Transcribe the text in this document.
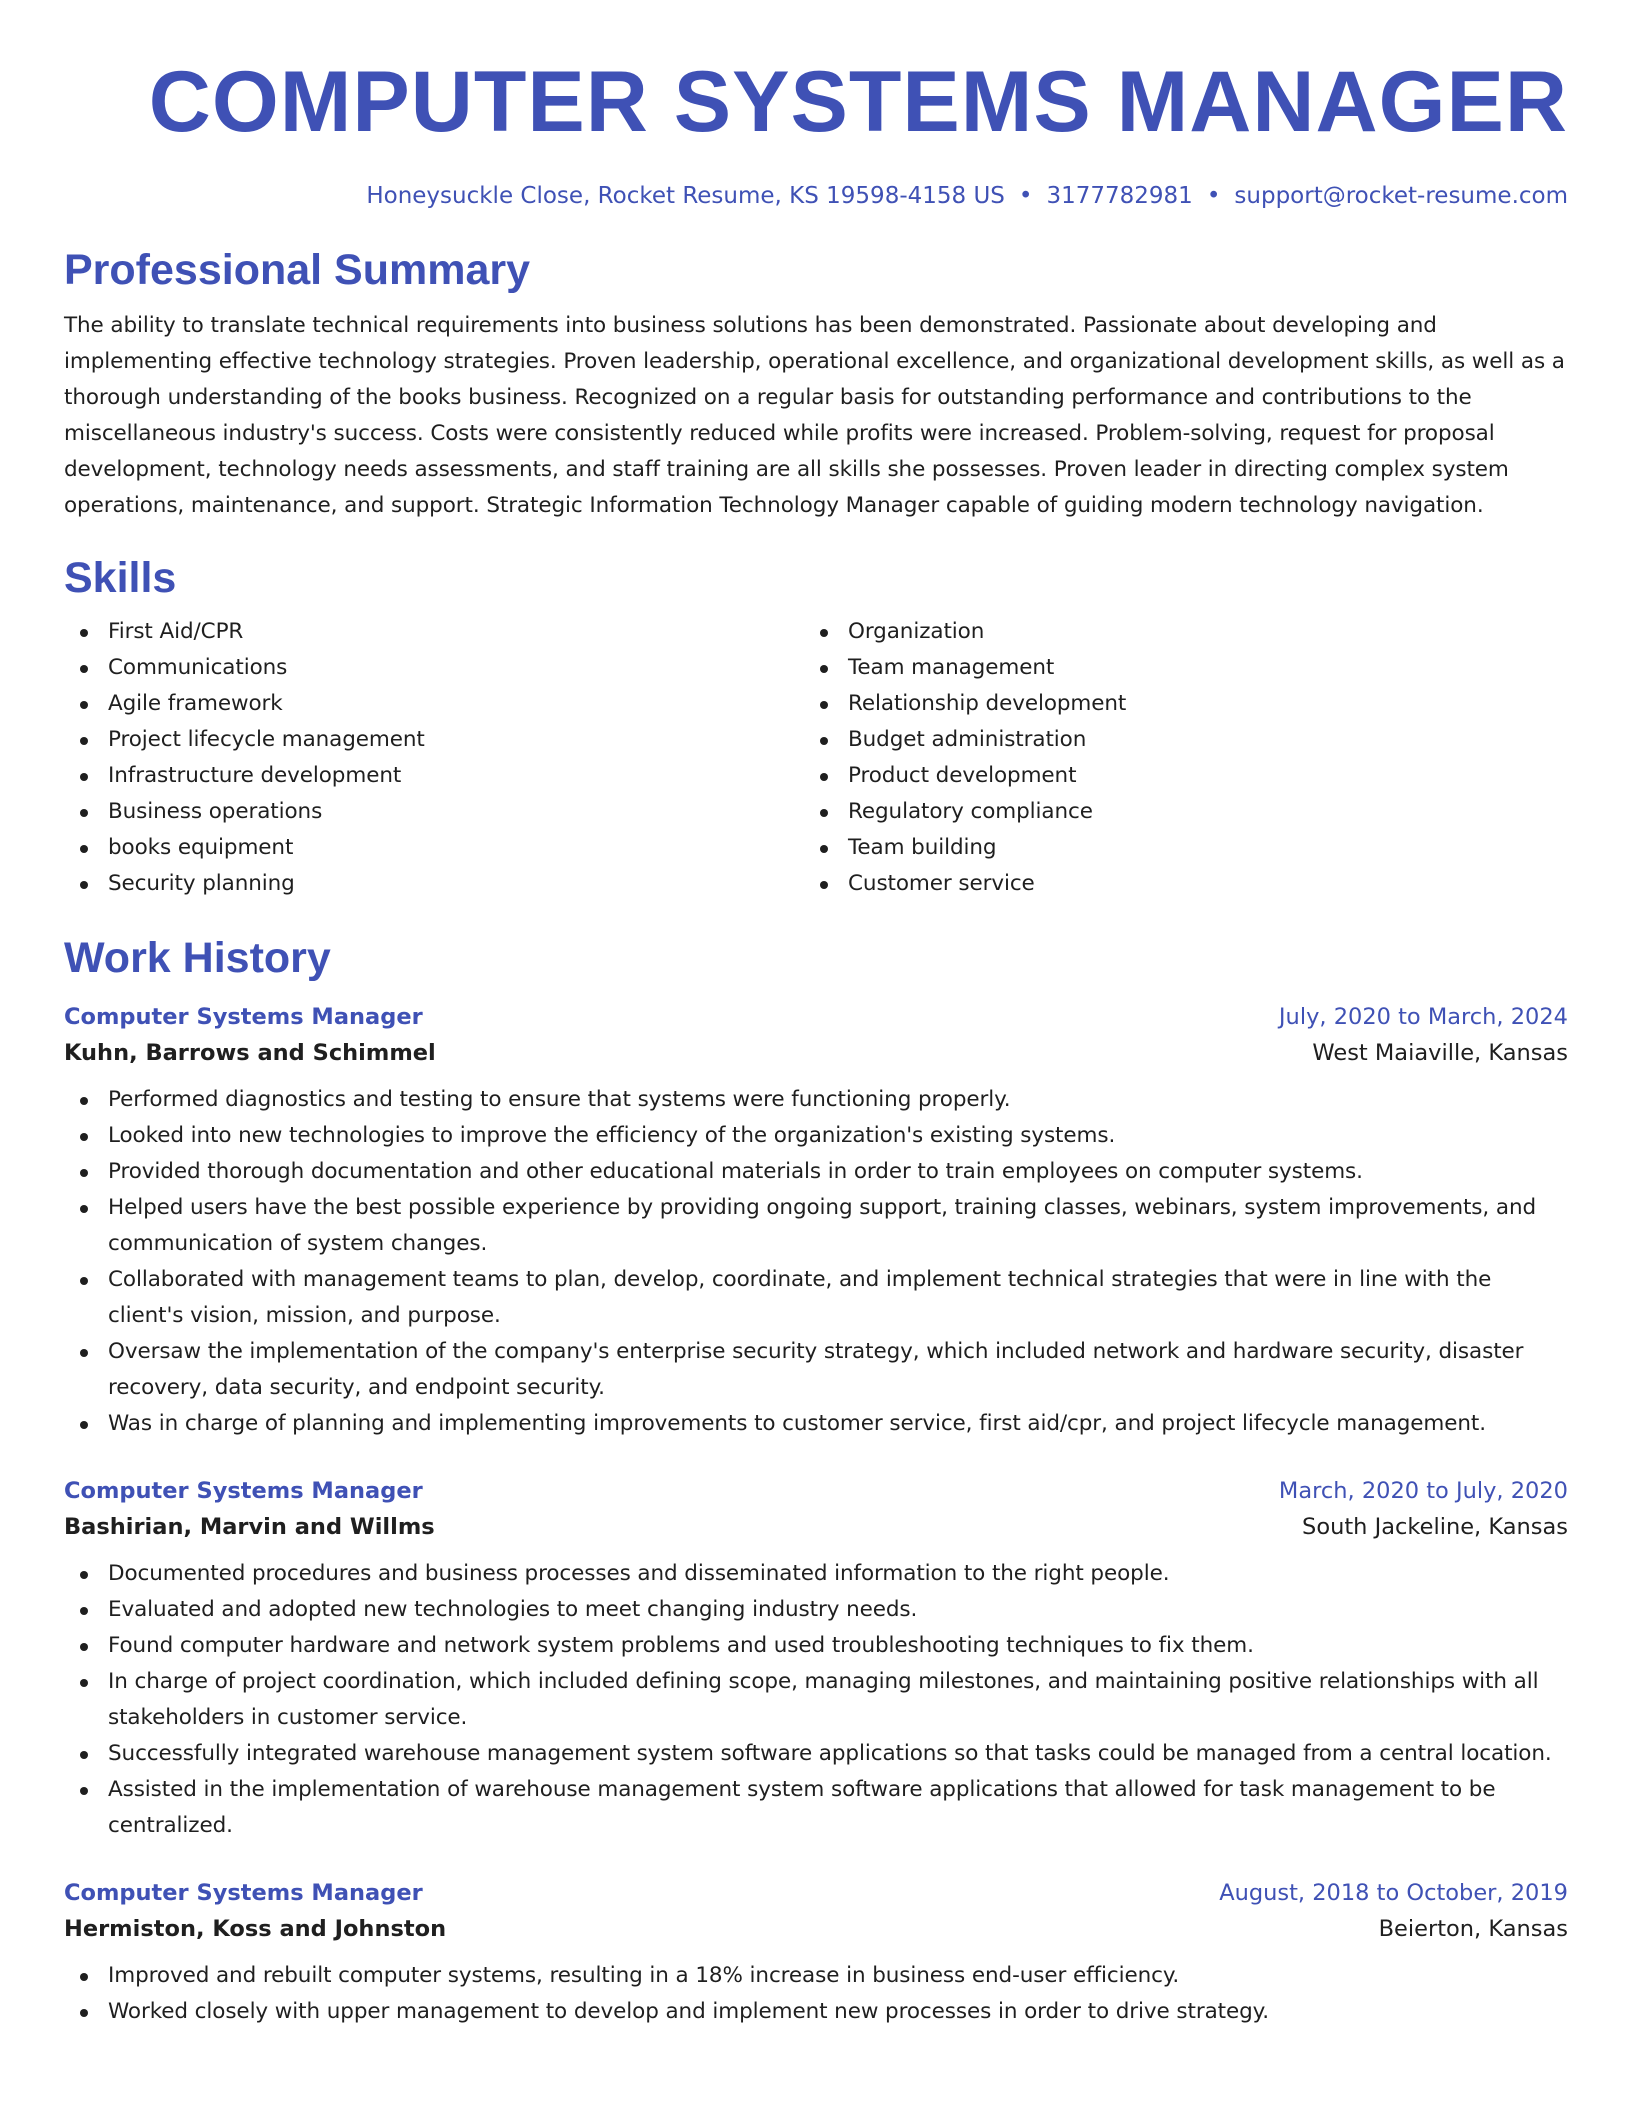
COMPUTER SYSTEMS MANAGER
Honeysuckle Close, Rocket Resume, KS 19598-4158 US • 3177782981 • support@rocket-resume.com
Professional Summary
The ability to translate technical requirements into business solutions has been demonstrated. Passionate about developing and implementing effective technology strategies. Proven leadership, operational excellence, and organizational development skills, as well as a thorough understanding of the books business. Recognized on a regular basis for outstanding performance and contributions to the miscellaneous industry's success. Costs were consistently reduced while profits were increased. Problem-solving, request for proposal development, technology needs assessments, and staff training are all skills she possesses. Proven leader in directing complex system operations, maintenance, and support. Strategic Information Technology Manager capable of guiding modern technology navigation.
Skills
First Aid/CPR
Communications
Agile framework
Project lifecycle management
Infrastructure development
Business operations
books equipment
Security planning
Organization
Team management
Relationship development
Budget administration
Product development
Regulatory compliance
Team building
Customer service
Work History
Computer Systems Manager	July, 2020 to March, 2024
Kuhn, Barrows and Schimmel	West Maiaville, Kansas
Performed diagnostics and testing to ensure that systems were functioning properly.
Looked into new technologies to improve the efficiency of the organization's existing systems.
Provided thorough documentation and other educational materials in order to train employees on computer systems.
Helped users have the best possible experience by providing ongoing support, training classes, webinars, system improvements, and communication of system changes.
Collaborated with management teams to plan, develop, coordinate, and implement technical strategies that were in line with the client's vision, mission, and purpose.
Oversaw the implementation of the company's enterprise security strategy, which included network and hardware security, disaster recovery, data security, and endpoint security.
Was in charge of planning and implementing improvements to customer service, first aid/cpr, and project lifecycle management.
Computer Systems Manager	March, 2020 to July, 2020
Bashirian, Marvin and Willms	South Jackeline, Kansas
Documented procedures and business processes and disseminated information to the right people.
Evaluated and adopted new technologies to meet changing industry needs.
Found computer hardware and network system problems and used troubleshooting techniques to fix them.
In charge of project coordination, which included defining scope, managing milestones, and maintaining positive relationships with all stakeholders in customer service.
Successfully integrated warehouse management system software applications so that tasks could be managed from a central location.
Assisted in the implementation of warehouse management system software applications that allowed for task management to be centralized.
Computer Systems Manager	August, 2018 to October, 2019
Hermiston, Koss and Johnston	Beierton, Kansas
Improved and rebuilt computer systems, resulting in a 18% increase in business end-user efficiency.
Worked closely with upper management to develop and implement new processes in order to drive strategy.
